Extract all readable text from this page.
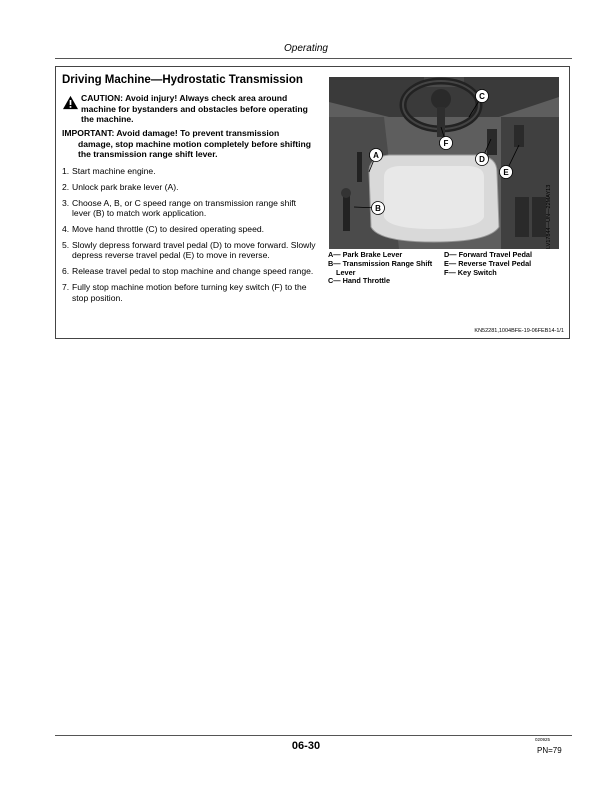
Operating
Driving Machine—Hydrostatic Transmission
CAUTION: Avoid injury! Always check area around machine for bystanders and obstacles before operating the machine.
IMPORTANT: Avoid damage! To prevent transmission
damage, stop machine motion completely before shifting the transmission range shift lever.
1. Start machine engine.
2. Unlock park brake lever (A).
3. Choose A, B, or C speed range on transmission range shift lever (B) to match work application.
4. Move hand throttle (C) to desired operating speed.
5. Slowly depress forward travel pedal (D) to move forward. Slowly depress reverse travel pedal (E) to move in reverse.
6. Release travel pedal to stop machine and change speed range.
7. Fully stop machine motion before turning key switch (F) to the stop position.
C
F
A	D
E
B	LV17844—UN—22MAY13
A— Park Brake Lever
B— Transmission Range Shift
Lever
C— Hand Throttle
D— Forward Travel Pedal
E— Reverse Travel Pedal
F— Key Switch
KN52281,1004BFE-19-06FEB14-1/1
06-30
020925
PN=79
